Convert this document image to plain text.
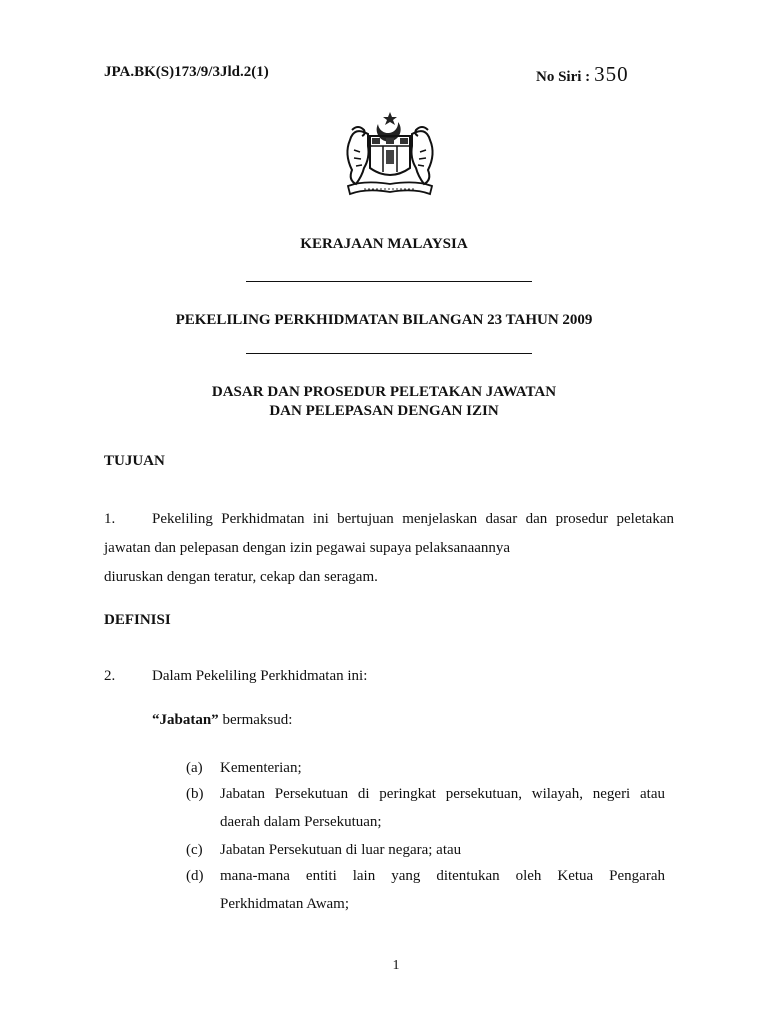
JPA.BK(S)173/9/3Jld.2(1)	No Siri : 350
KERAJAAN MALAYSIA
PEKELILING PERKHIDMATAN BILANGAN 23 TAHUN 2009
DASAR DAN PROSEDUR PELETAKAN JAWATAN
DAN PELEPASAN DENGAN IZIN
TUJUAN
1. Pekeliling Perkhidmatan ini bertujuan menjelaskan dasar dan prosedur peletakan jawatan dan pelepasan dengan izin pegawai supaya pelaksanaannya
diuruskan dengan teratur, cekap dan seragam.
DEFINISI
2. Dalam Pekeliling Perkhidmatan ini:
“Jabatan” bermaksud:
(a) Kementerian;
(b) Jabatan Persekutuan di peringkat persekutuan, wilayah, negeri atau daerah dalam Persekutuan;
(c) Jabatan Persekutuan di luar negara; atau
(d) mana-mana entiti lain yang ditentukan oleh Ketua Pengarah Perkhidmatan Awam;
1
